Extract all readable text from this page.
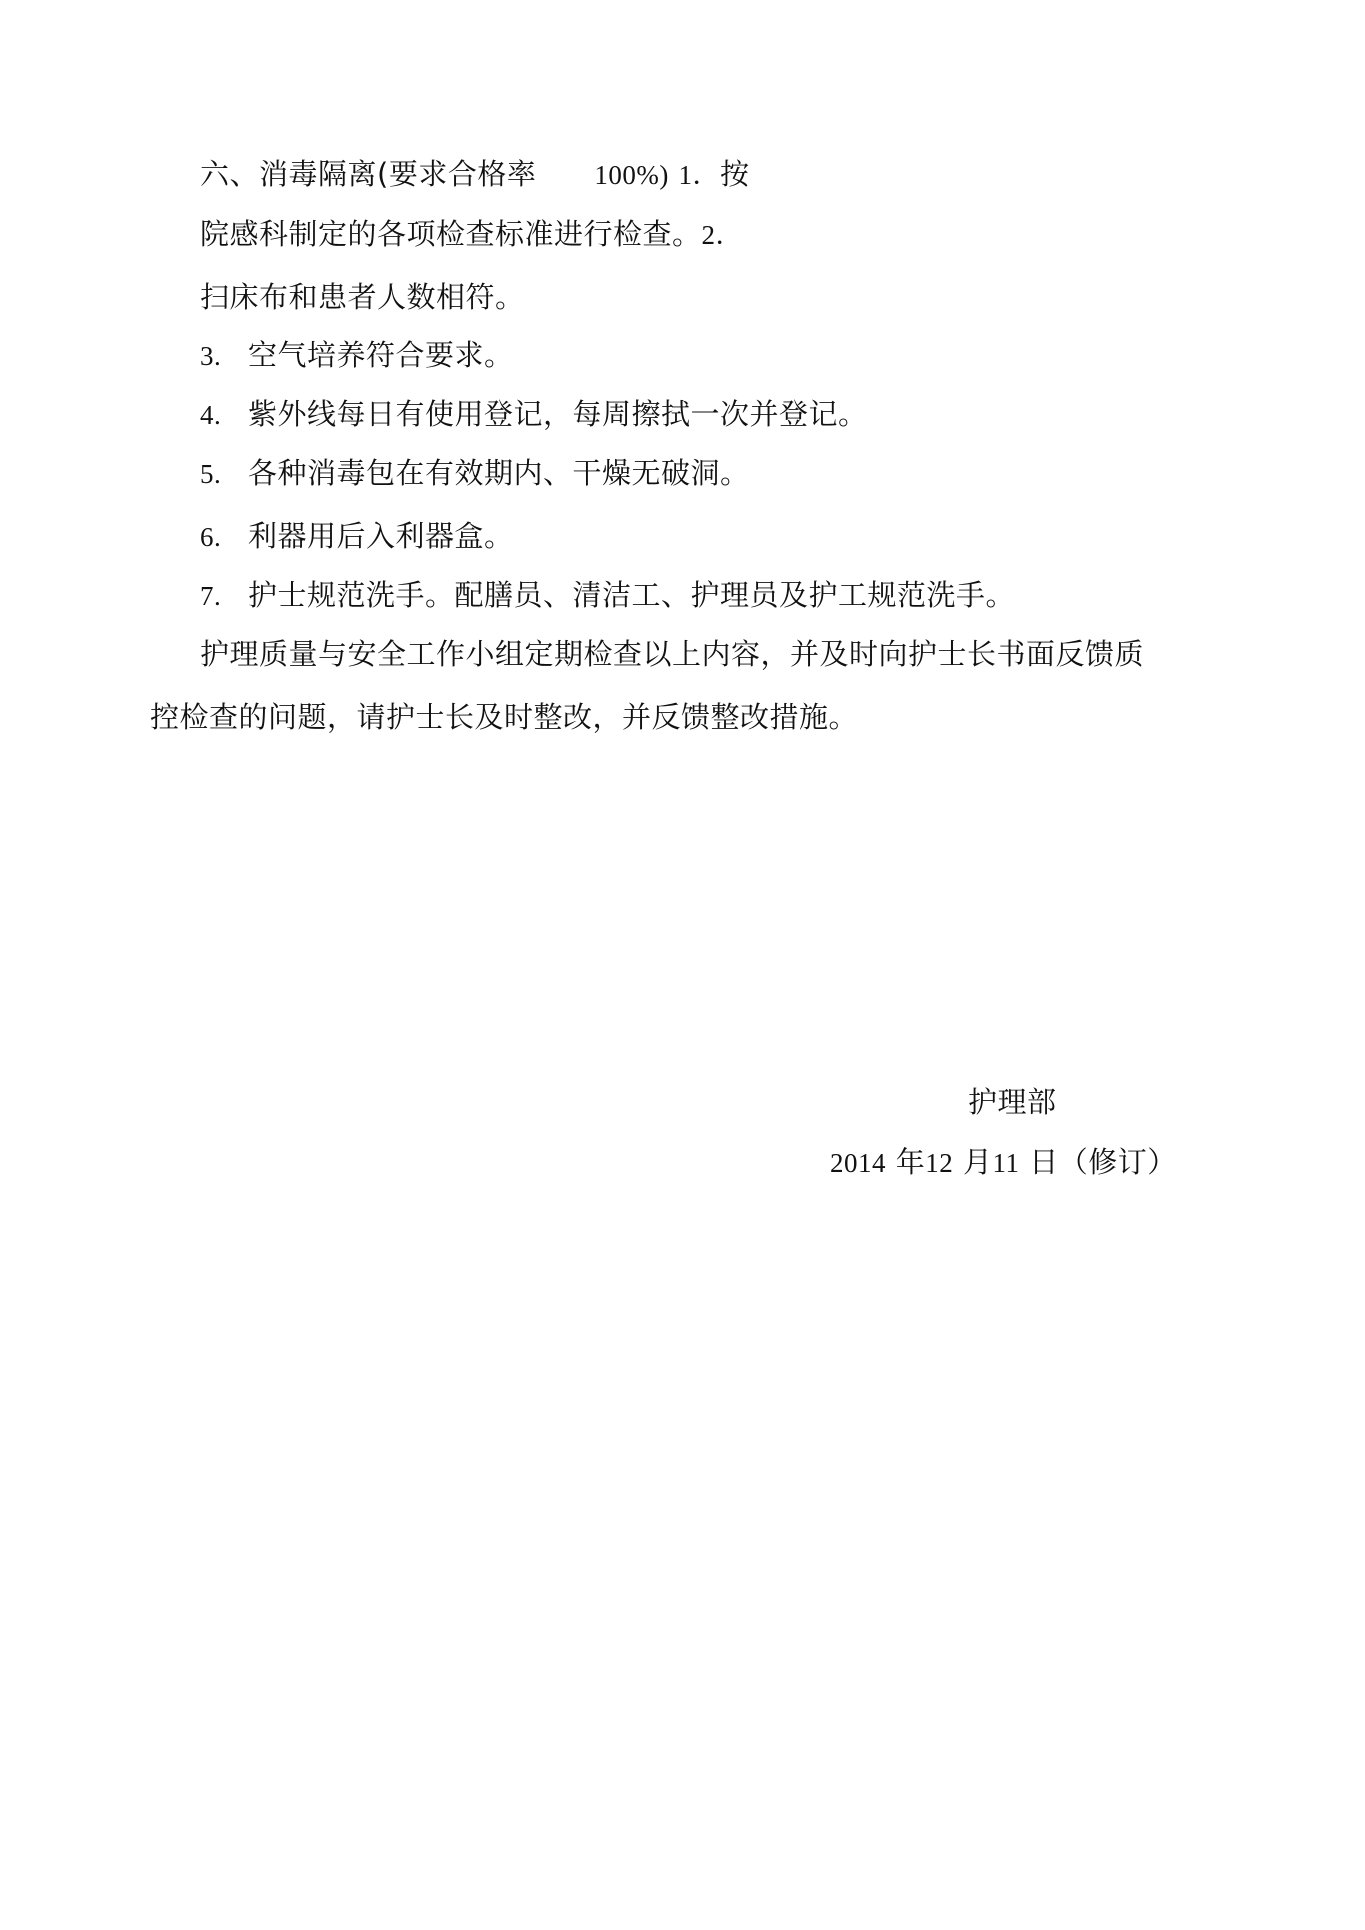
六、消毒隔离(要求合格率 100%) 1．按
院感科制定的各项检查标准进行检查。2．
扫床布和患者人数相符。
3. 空气培养符合要求。
4. 紫外线每日有使用登记，每周擦拭一次并登记。
5. 各种消毒包在有效期内、干燥无破洞。
6. 利器用后入利器盒。
7. 护士规范洗手。配膳员、清洁工、护理员及护工规范洗手。
护理质量与安全工作小组定期检查以上内容，并及时向护士长书面反馈质
控检查的问题，请护士长及时整改，并反馈整改措施。
护理部
2014 年12 月11 日（修订）
